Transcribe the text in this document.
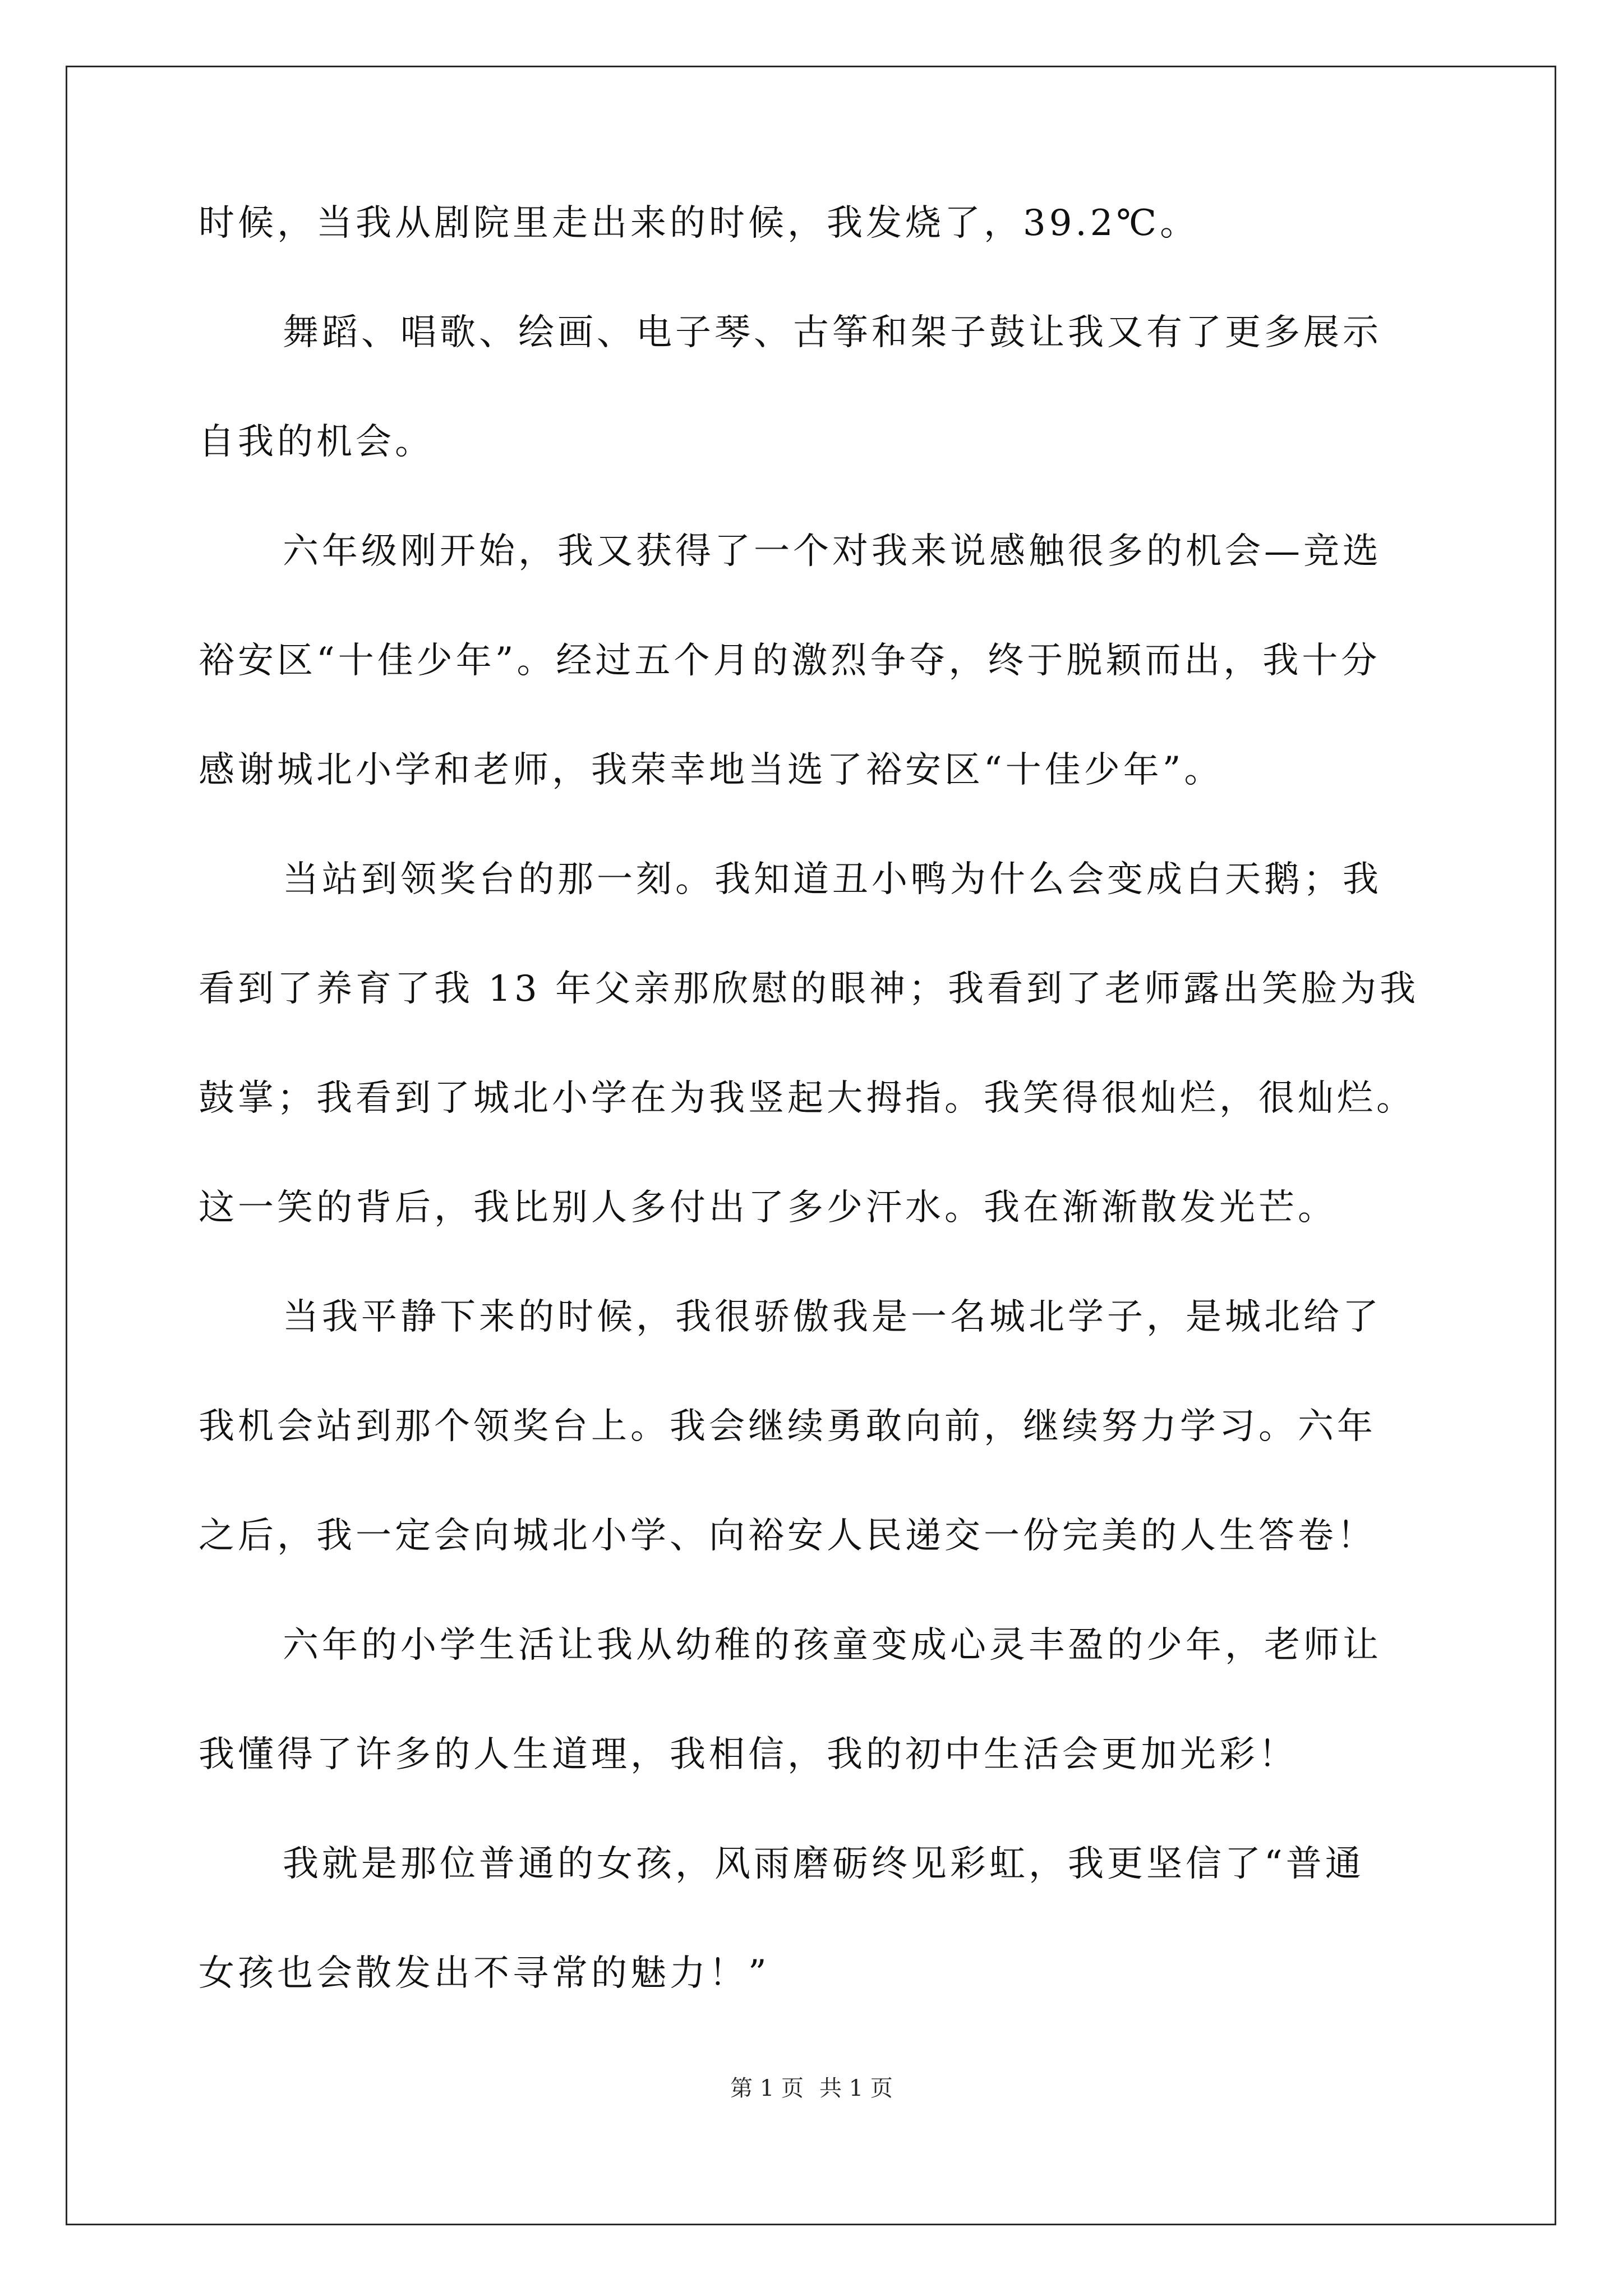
时候，当我从剧院里走出来的时候，我发烧了，39.2℃。
舞蹈、唱歌、绘画、电子琴、古筝和架子鼓让我又有了更多展示
自我的机会。
六年级刚开始，我又获得了一个对我来说感触很多的机会—竞选
裕安区“十佳少年”。经过五个月的激烈争夺，终于脱颖而出，我十分
感谢城北小学和老师，我荣幸地当选了裕安区“十佳少年”。
当站到领奖台的那一刻。我知道丑小鸭为什么会变成白天鹅；我
看到了养育了我 13 年父亲那欣慰的眼神；我看到了老师露出笑脸为我
鼓掌；我看到了城北小学在为我竖起大拇指。我笑得很灿烂，很灿烂。
这一笑的背后，我比别人多付出了多少汗水。我在渐渐散发光芒。
当我平静下来的时候，我很骄傲我是一名城北学子，是城北给了
我机会站到那个领奖台上。我会继续勇敢向前，继续努力学习。六年
之后，我一定会向城北小学、向裕安人民递交一份完美的人生答卷！
六年的小学生活让我从幼稚的孩童变成心灵丰盈的少年，老师让
我懂得了许多的人生道理，我相信，我的初中生活会更加光彩！
我就是那位普通的女孩，风雨磨砺终见彩虹，我更坚信了“普通
女孩也会散发出不寻常的魅力！”
第 1 页 共 1 页
